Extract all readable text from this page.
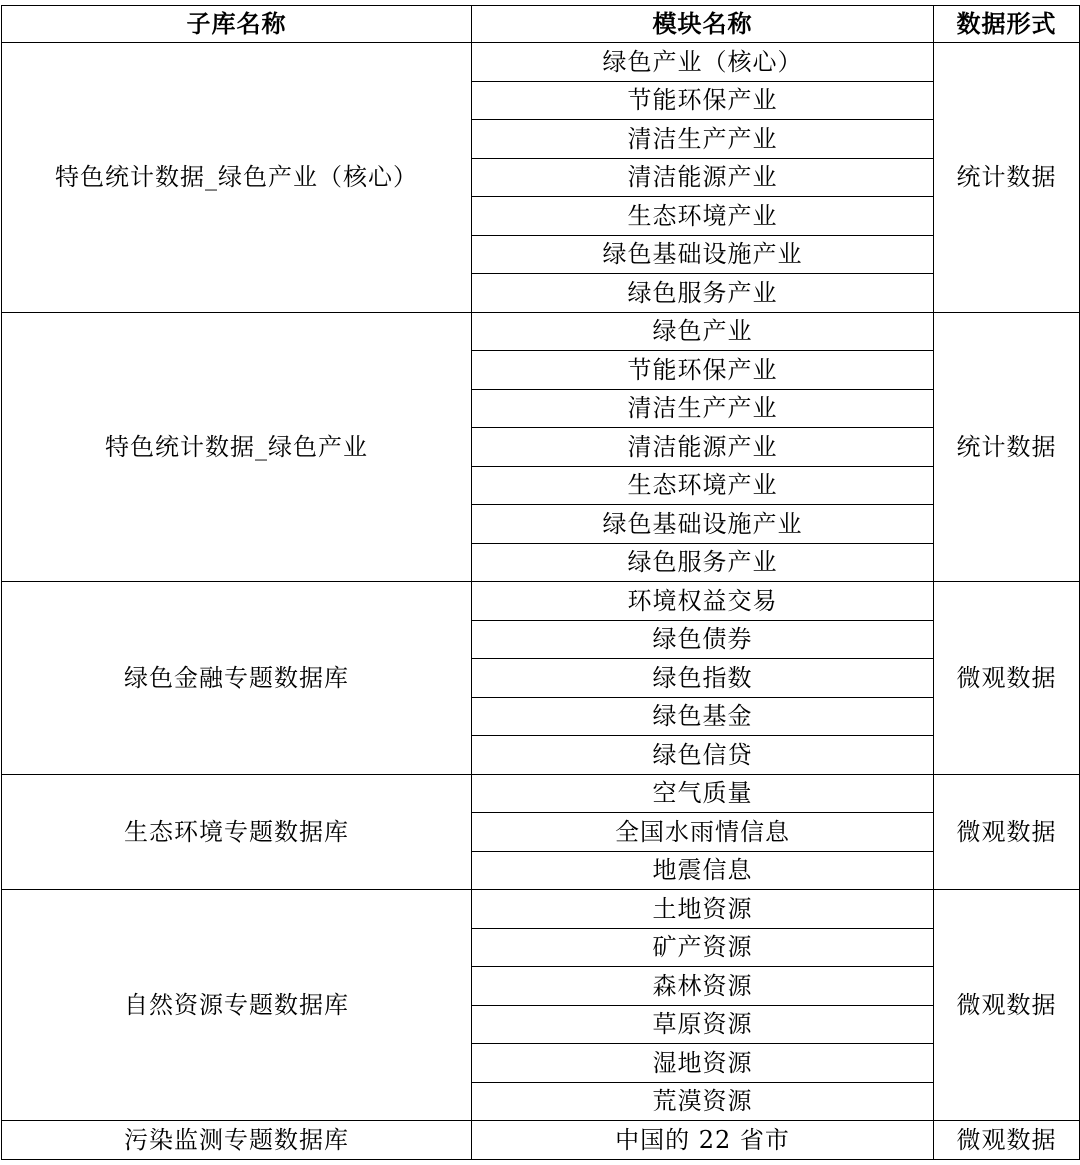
子库名称	模块名称	数据形式
特色统计数据_绿色产业（核心）	绿色产业（核心）	统计数据
	节能环保产业	
	清洁生产产业	
	清洁能源产业	
	生态环境产业	
	绿色基础设施产业	
	绿色服务产业	
特色统计数据_绿色产业	绿色产业	统计数据
	节能环保产业	
	清洁生产产业	
	清洁能源产业	
	生态环境产业	
	绿色基础设施产业	
	绿色服务产业	
绿色金融专题数据库	环境权益交易	微观数据
	绿色债券	
	绿色指数	
	绿色基金	
	绿色信贷	
生态环境专题数据库	空气质量	微观数据
	全国水雨情信息	
	地震信息	
自然资源专题数据库	土地资源	微观数据
	矿产资源	
	森林资源	
	草原资源	
	湿地资源	
	荒漠资源	
污染监测专题数据库	中国的 22 省市	微观数据
